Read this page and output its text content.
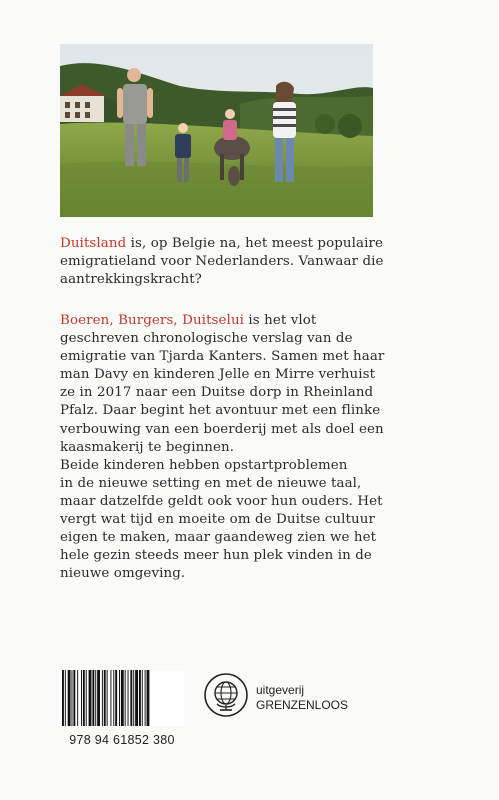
Duitsland is, op Belgie na, het meest populaire
emigratieland voor Nederlanders. Vanwaar die
aantrekkingskracht?
Boeren, Burgers, Duitselui is het vlot
geschreven chronologische verslag van de
emigratie van Tjarda Kanters. Samen met haar
man Davy en kinderen Jelle en Mirre verhuist
ze in 2017 naar een Duitse dorp in Rheinland
Pfalz. Daar begint het avontuur met een flinke
verbouwing van een boerderij met als doel een
kaasmakerij te beginnen.
Beide kinderen hebben opstartproblemen
in de nieuwe setting en met de nieuwe taal,
maar datzelfde geldt ook voor hun ouders. Het
vergt wat tijd en moeite om de Duitse cultuur
eigen te maken, maar gaandeweg zien we het
hele gezin steeds meer hun plek vinden in de
nieuwe omgeving.
978 94 61852 380
uitgeverij
GRENZENLOOS
